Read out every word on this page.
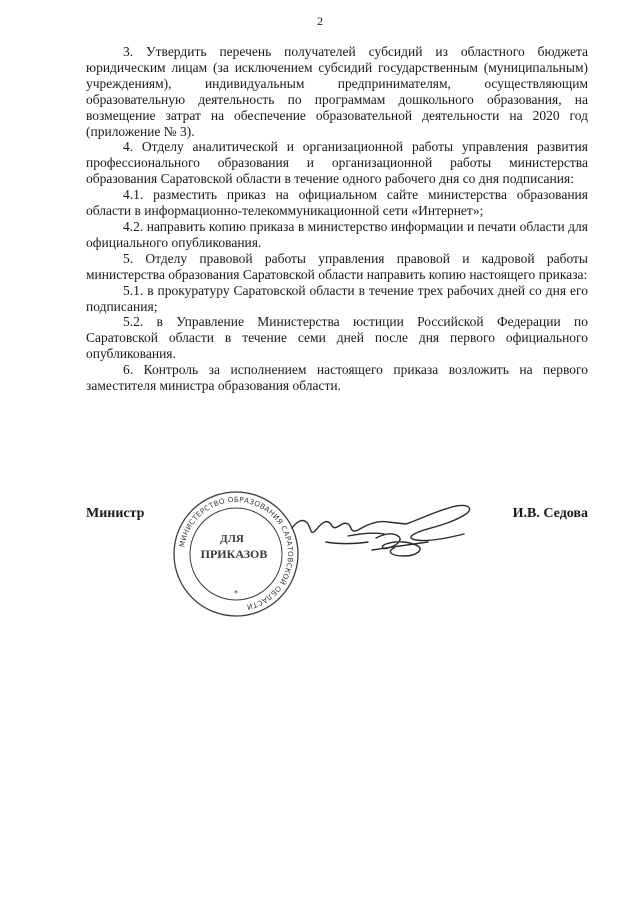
2

3. Утвердить перечень получателей субсидий из областного бюджета юридическим лицам (за исключением субсидий государственным (муниципальным) учреждениям), индивидуальным предпринимателям, осуществляющим образовательную деятельность по программам дошкольного образования, на возмещение затрат на обеспечение образовательной деятельности на 2020 год (приложение № 3).

4. Отделу аналитической и организационной работы управления развития профессионального образования и организационной работы министерства образования Саратовской области в течение одного рабочего дня со дня подписания:

4.1. разместить приказ на официальном сайте министерства образования области в информационно-телекоммуникационной сети «Интернет»;

4.2. направить копию приказа в министерство информации и печати области для официального опубликования.

5. Отделу правовой работы управления правовой и кадровой работы министерства образования Саратовской области направить копию настоящего приказа:

5.1. в прокуратуру Саратовской области в течение трех рабочих дней со дня его подписания;

5.2. в Управление Министерства юстиции Российской Федерации по Саратовской области в течение семи дней после дня первого официального опубликования.

6. Контроль за исполнением настоящего приказа возложить на первого заместителя министра образования области.

Министр	И.В. Седова
МИНИСТЕРСТВО ОБРАЗОВАНИЯ САРАТОВСКОЙ ОБЛАСТИ
ДЛЯ
ПРИКАЗОВ
*
